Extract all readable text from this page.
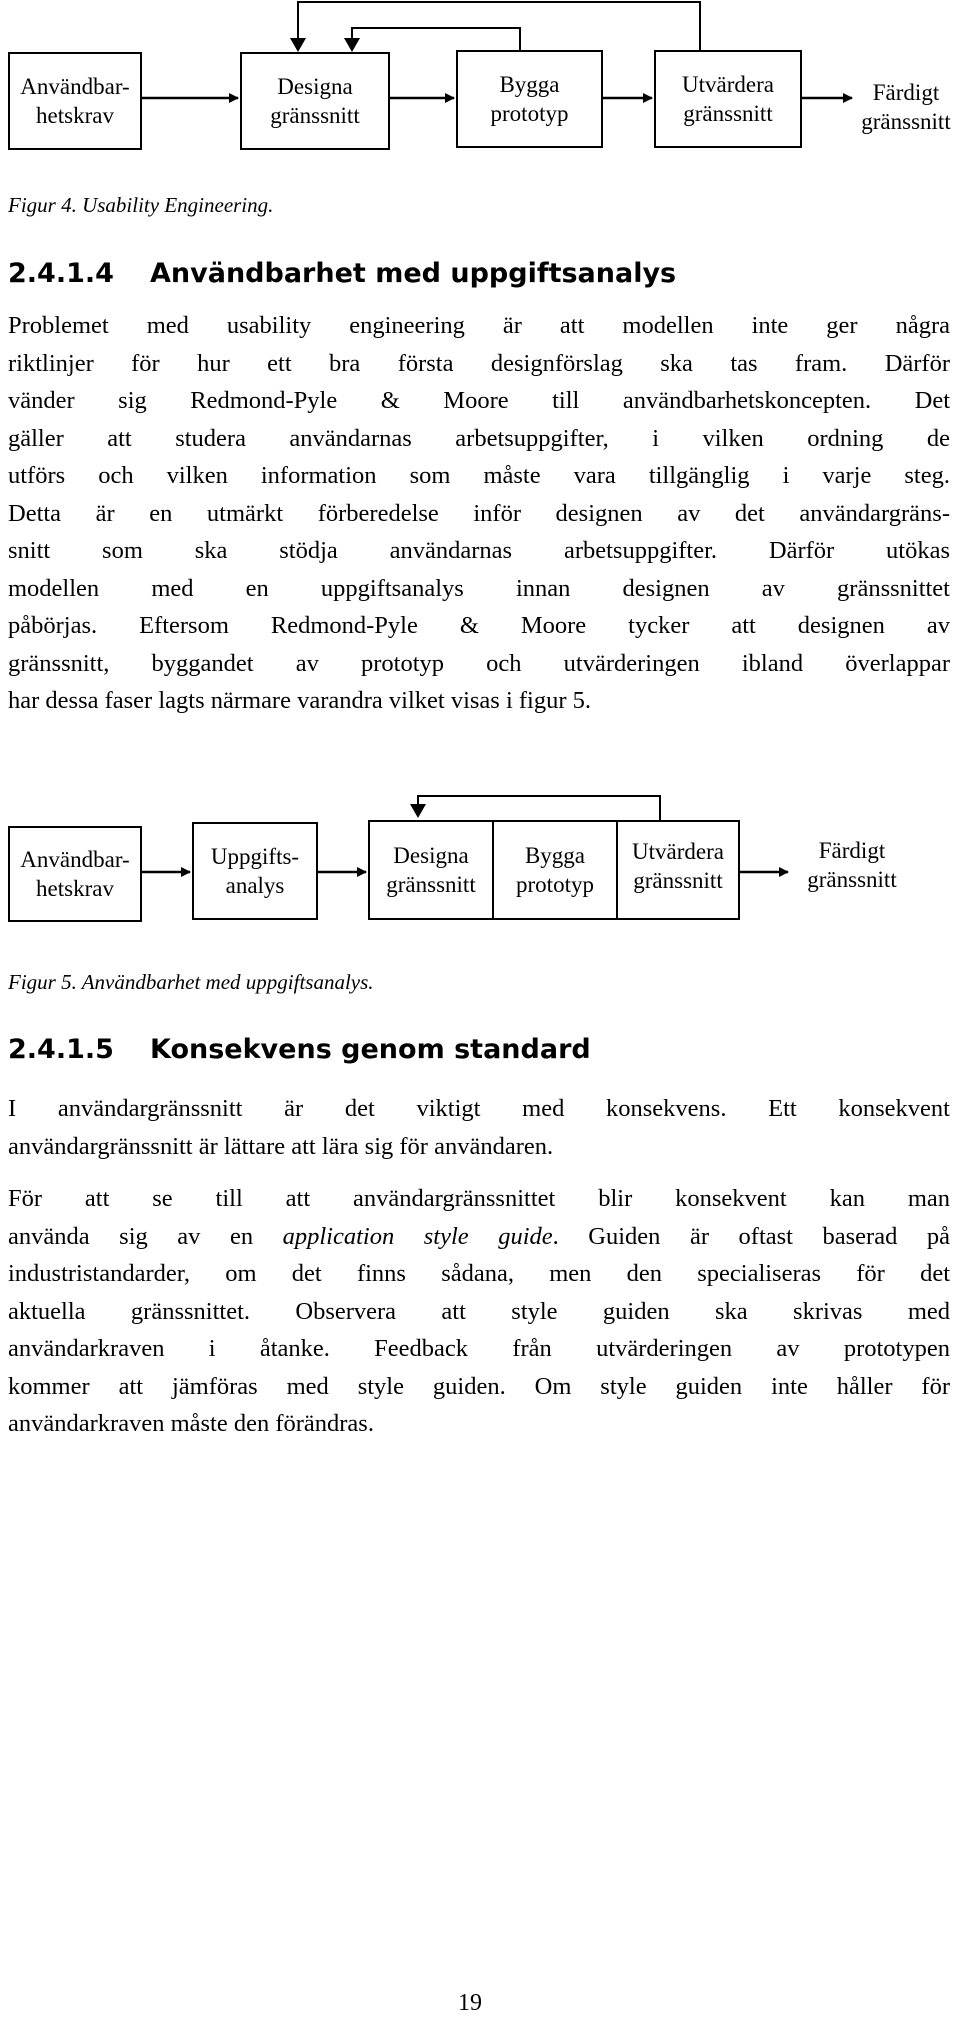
Användbar-
hetskrav
Designa
gränssnitt
Bygga
prototyp
Utvärdera
gränssnitt
Färdigt
gränssnitt
Figur 4. Usability Engineering.
2.4.1.4 Användbarhet med uppgiftsanalys
Problemet med usability engineering är att modellen inte ger några
riktlinjer för hur ett bra första designförslag ska tas fram. Därför
vänder sig Redmond-Pyle & Moore till användbarhetskoncepten. Det
gäller att studera användarnas arbetsuppgifter, i vilken ordning de
utförs och vilken information som måste vara tillgänglig i varje steg.
Detta är en utmärkt förberedelse inför designen av det användargräns-
snitt som ska stödja användarnas arbetsuppgifter. Därför utökas
modellen med en uppgiftsanalys innan designen av gränssnittet
påbörjas. Eftersom Redmond-Pyle & Moore tycker att designen av
gränssnitt, byggandet av prototyp och utvärderingen ibland överlappar
har dessa faser lagts närmare varandra vilket visas i figur 5.
Användbar-
hetskrav
Uppgifts-
analys
Designa
gränssnitt
Bygga
prototyp
Utvärdera
gränssnitt
Färdigt
gränssnitt
Figur 5. Användbarhet med uppgiftsanalys.
2.4.1.5 Konsekvens genom standard
I användargränssnitt är det viktigt med konsekvens. Ett konsekvent
användargränssnitt är lättare att lära sig för användaren.
För att se till att användargränssnittet blir konsekvent kan man
använda sig av en application style guide. Guiden är oftast baserad på
industristandarder, om det finns sådana, men den specialiseras för det
aktuella gränssnittet. Observera att style guiden ska skrivas med
användarkraven i åtanke. Feedback från utvärderingen av prototypen
kommer att jämföras med style guiden. Om style guiden inte håller för
användarkraven måste den förändras.
19
